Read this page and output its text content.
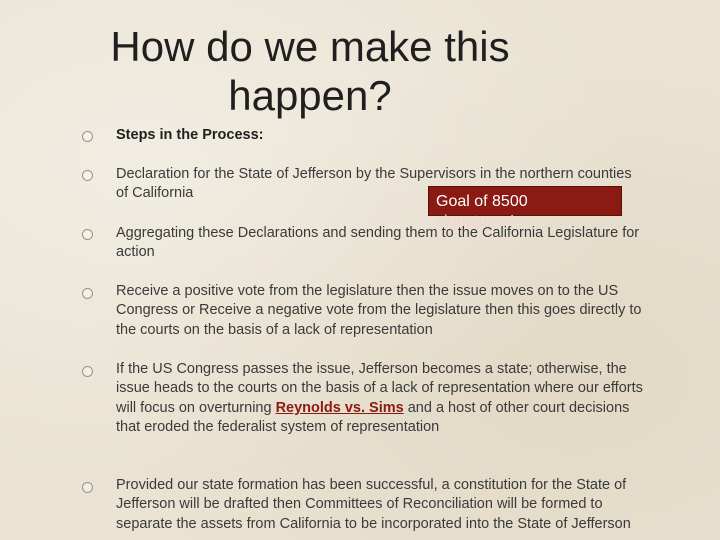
How do we make this happen?
Steps in the Process:
Declaration for the State of Jefferson by the Supervisors in the northern counties of California
Aggregating these Declarations and sending them to the California Legislature for action
Receive a positive vote from the legislature then the issue moves on to the US Congress or Receive a negative vote from the legislature then this goes directly to the courts on the basis of a lack of representation
If the US Congress passes the issue, Jefferson becomes a state; otherwise, the issue heads to the courts on the basis of a lack of representation where our efforts will focus on overturning Reynolds vs. Sims and a host of other court decisions that eroded the federalist system of representation
Provided our state formation has been successful, a constitution for the State of Jefferson will be drafted then Committees of Reconciliation will be formed to separate the assets from California to be incorporated into the State of Jefferson
Goal of 8500
signatures!
